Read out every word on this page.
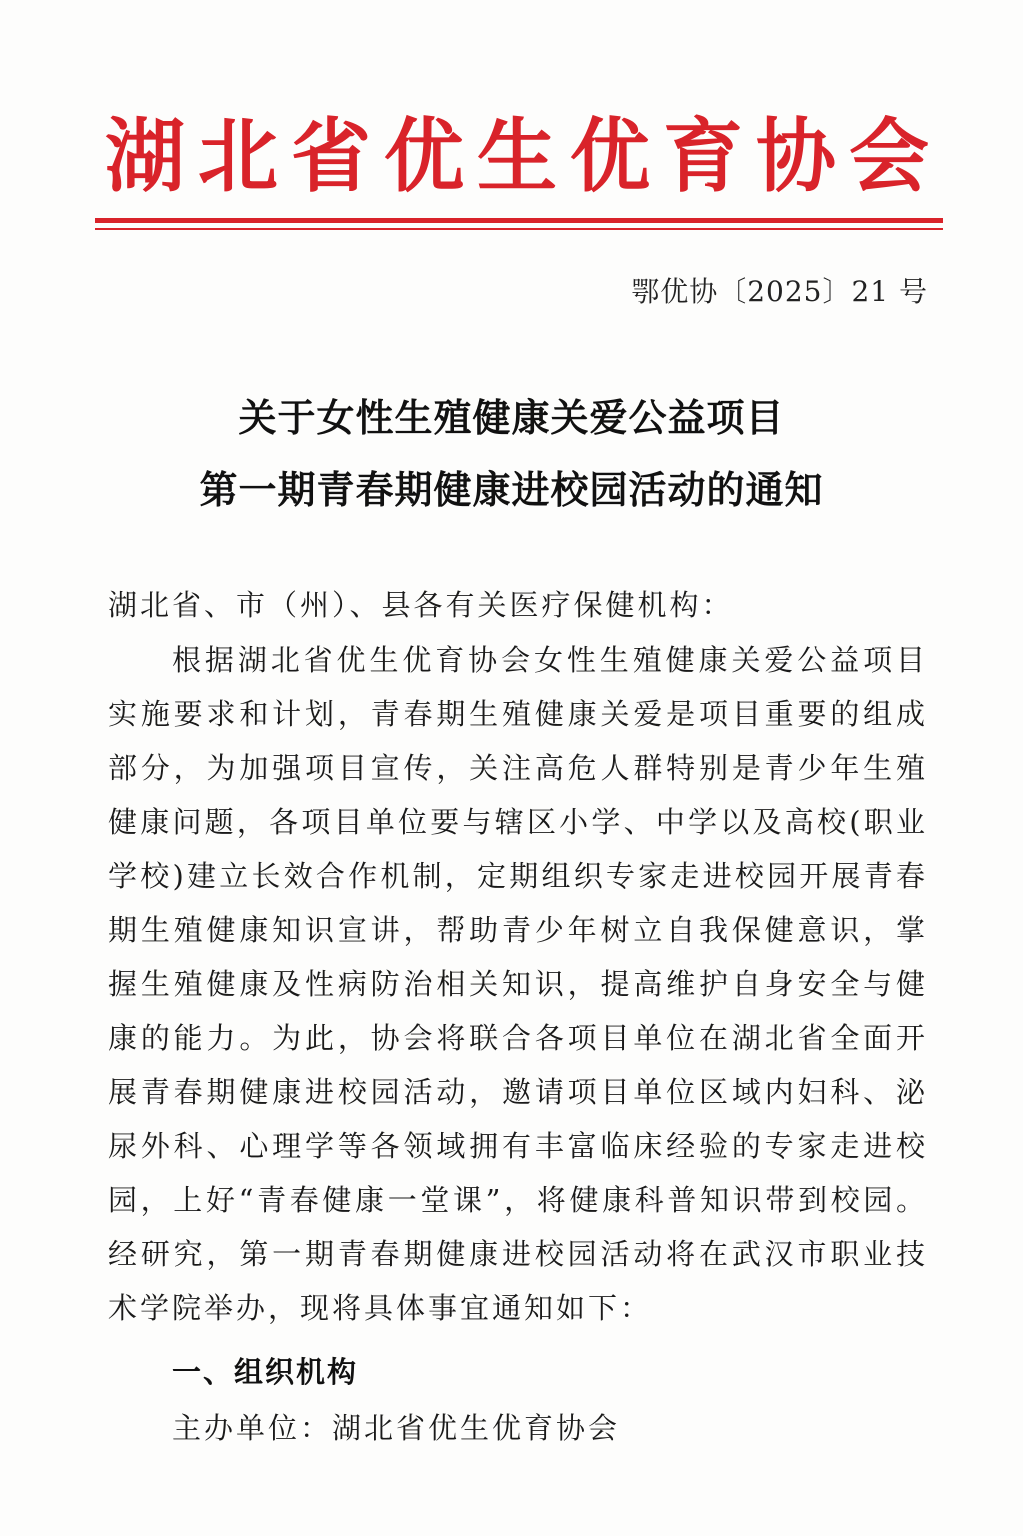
湖北省优生优育协会
鄂优协〔2025〕21 号
关于女性生殖健康关爱公益项目
第一期青春期健康进校园活动的通知
湖北省、市（州）、县各有关医疗保健机构：

根据湖北省优生优育协会女性生殖健康关爱公益项目实施要求和计划，青春期生殖健康关爱是项目重要的组成部分，为加强项目宣传，关注高危人群特别是青少年生殖健康问题，各项目单位要与辖区小学、中学以及高校(职业学校)建立长效合作机制，定期组织专家走进校园开展青春期生殖健康知识宣讲，帮助青少年树立自我保健意识，掌握生殖健康及性病防治相关知识，提高维护自身安全与健康的能力。为此，协会将联合各项目单位在湖北省全面开展青春期健康进校园活动，邀请项目单位区域内妇科、泌尿外科、心理学等各领域拥有丰富临床经验的专家走进校园，上好“青春健康一堂课”，将健康科普知识带到校园。经研究，第一期青春期健康进校园活动将在武汉市职业技术学院举办，现将具体事宜通知如下：

一、组织机构
主办单位：湖北省优生优育协会
